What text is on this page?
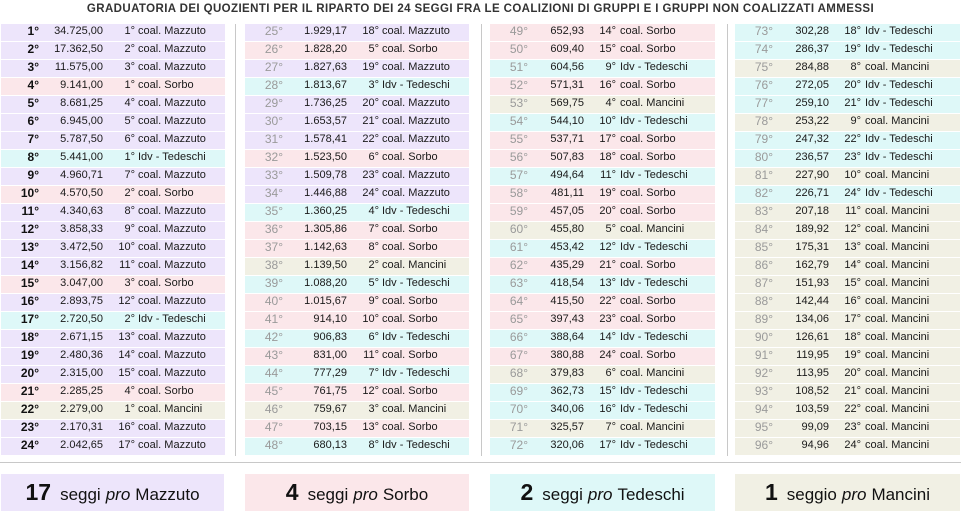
GRADUATORIA DEI QUOZIENTI PER IL RIPARTO DEI 24 SEGGI FRA LE COALIZIONI DI GRUPPI E I GRUPPI NON COALIZZATI AMMESSI
1°	34.725,00	1° coal. Mazzuto
2°	17.362,50	2° coal. Mazzuto
3°	11.575,00	3° coal. Mazzuto
4°	9.141,00	1° coal. Sorbo
5°	8.681,25	4° coal. Mazzuto
6°	6.945,00	5° coal. Mazzuto
7°	5.787,50	6° coal. Mazzuto
8°	5.441,00	1° Idv - Tedeschi
9°	4.960,71	7° coal. Mazzuto
10°	4.570,50	2° coal. Sorbo
11°	4.340,63	8° coal. Mazzuto
12°	3.858,33	9° coal. Mazzuto
13°	3.472,50	10° coal. Mazzuto
14°	3.156,82	11° coal. Mazzuto
15°	3.047,00	3° coal. Sorbo
16°	2.893,75	12° coal. Mazzuto
17°	2.720,50	2° Idv - Tedeschi
18°	2.671,15	13° coal. Mazzuto
19°	2.480,36	14° coal. Mazzuto
20°	2.315,00	15° coal. Mazzuto
21°	2.285,25	4° coal. Sorbo
22°	2.279,00	1° coal. Mancini
23°	2.170,31	16° coal. Mazzuto
24°	2.042,65	17° coal. Mazzuto
25°	1.929,17	18° coal. Mazzuto
26°	1.828,20	5° coal. Sorbo
27°	1.827,63	19° coal. Mazzuto
28°	1.813,67	3° Idv - Tedeschi
29°	1.736,25	20° coal. Mazzuto
30°	1.653,57	21° coal. Mazzuto
31°	1.578,41	22° coal. Mazzuto
32°	1.523,50	6° coal. Sorbo
33°	1.509,78	23° coal. Mazzuto
34°	1.446,88	24° coal. Mazzuto
35°	1.360,25	4° Idv - Tedeschi
36°	1.305,86	7° coal. Sorbo
37°	1.142,63	8° coal. Sorbo
38°	1.139,50	2° coal. Mancini
39°	1.088,20	5° Idv - Tedeschi
40°	1.015,67	9° coal. Sorbo
41°	914,10	10° coal. Sorbo
42°	906,83	6° Idv - Tedeschi
43°	831,00	11° coal. Sorbo
44°	777,29	7° Idv - Tedeschi
45°	761,75	12° coal. Sorbo
46°	759,67	3° coal. Mancini
47°	703,15	13° coal. Sorbo
48°	680,13	8° Idv - Tedeschi
49°	652,93	14° coal. Sorbo
50°	609,40	15° coal. Sorbo
51°	604,56	9° Idv - Tedeschi
52°	571,31	16° coal. Sorbo
53°	569,75	4° coal. Mancini
54°	544,10	10° Idv - Tedeschi
55°	537,71	17° coal. Sorbo
56°	507,83	18° coal. Sorbo
57°	494,64	11° Idv - Tedeschi
58°	481,11	19° coal. Sorbo
59°	457,05	20° coal. Sorbo
60°	455,80	5° coal. Mancini
61°	453,42	12° Idv - Tedeschi
62°	435,29	21° coal. Sorbo
63°	418,54	13° Idv - Tedeschi
64°	415,50	22° coal. Sorbo
65°	397,43	23° coal. Sorbo
66°	388,64	14° Idv - Tedeschi
67°	380,88	24° coal. Sorbo
68°	379,83	6° coal. Mancini
69°	362,73	15° Idv - Tedeschi
70°	340,06	16° Idv - Tedeschi
71°	325,57	7° coal. Mancini
72°	320,06	17° Idv - Tedeschi
73°	302,28	18° Idv - Tedeschi
74°	286,37	19° Idv - Tedeschi
75°	284,88	8° coal. Mancini
76°	272,05	20° Idv - Tedeschi
77°	259,10	21° Idv - Tedeschi
78°	253,22	9° coal. Mancini
79°	247,32	22° Idv - Tedeschi
80°	236,57	23° Idv - Tedeschi
81°	227,90	10° coal. Mancini
82°	226,71	24° Idv - Tedeschi
83°	207,18	11° coal. Mancini
84°	189,92	12° coal. Mancini
85°	175,31	13° coal. Mancini
86°	162,79	14° coal. Mancini
87°	151,93	15° coal. Mancini
88°	142,44	16° coal. Mancini
89°	134,06	17° coal. Mancini
90°	126,61	18° coal. Mancini
91°	119,95	19° coal. Mancini
92°	113,95	20° coal. Mancini
93°	108,52	21° coal. Mancini
94°	103,59	22° coal. Mancini
95°	99,09	23° coal. Mancini
96°	94,96	24° coal. Mancini
17 seggi pro Mazzuto	4 seggi pro Sorbo	2 seggi pro Tedeschi	1 seggio pro Mancini
